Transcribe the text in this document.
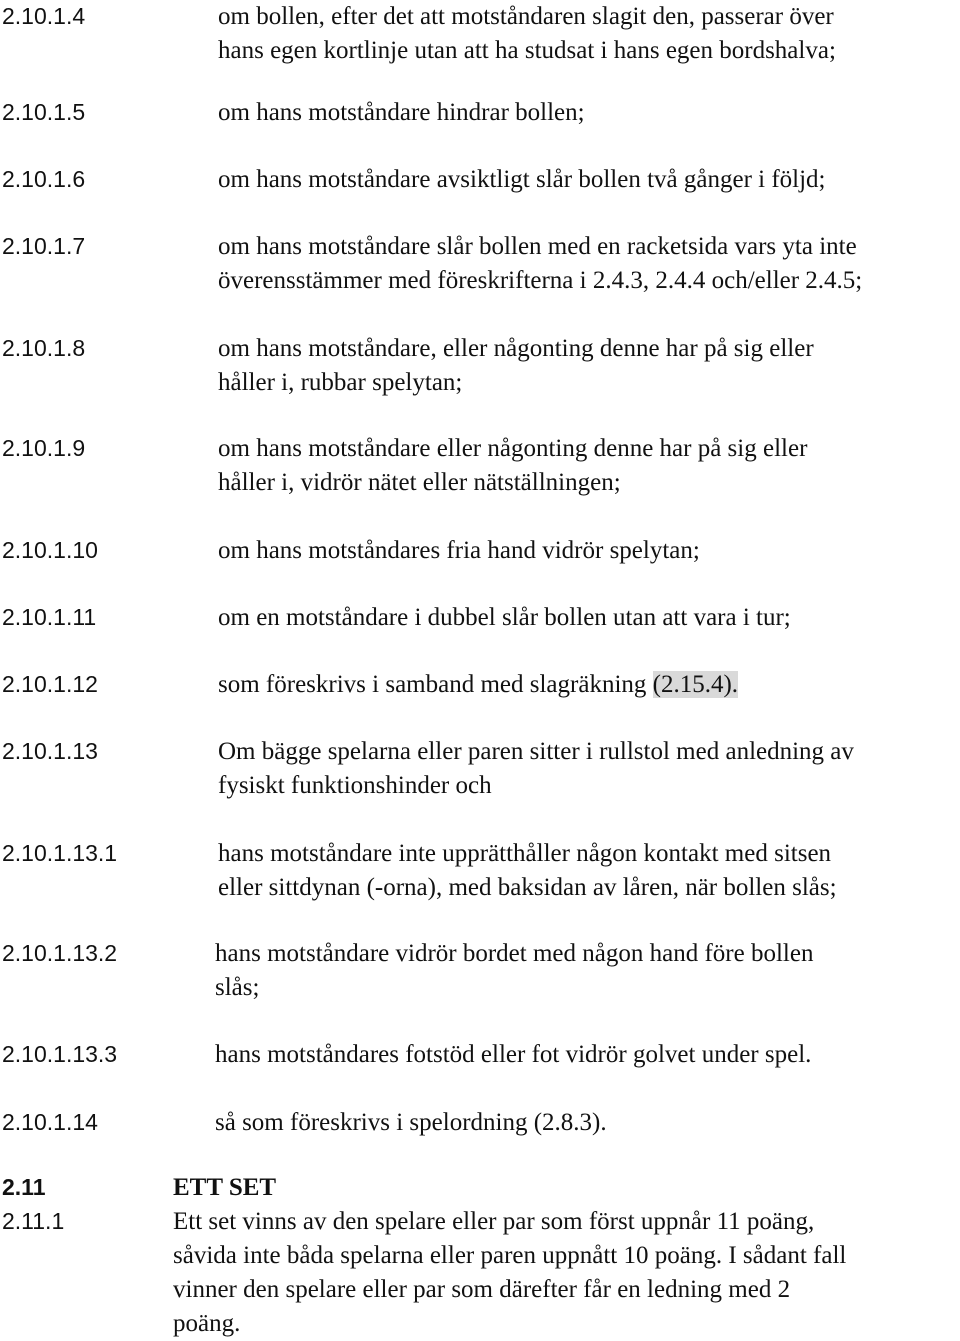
2.10.1.4	om bollen, efter det att motståndaren slagit den, passerar över
hans egen kortlinje utan att ha studsat i hans egen bordshalva;
2.10.1.5	om hans motståndare hindrar bollen;
2.10.1.6	om hans motståndare avsiktligt slår bollen två gånger i följd;
2.10.1.7	om hans motståndare slår bollen med en racketsida vars yta inte
överensstämmer med föreskrifterna i 2.4.3, 2.4.4 och/eller 2.4.5;
2.10.1.8	om hans motståndare, eller någonting denne har på sig eller
håller i, rubbar spelytan;
2.10.1.9	om hans motståndare eller någonting denne har på sig eller
håller i, vidrör nätet eller nätställningen;
2.10.1.10	om hans motståndares fria hand vidrör spelytan;
2.10.1.11	om en motståndare i dubbel slår bollen utan att vara i tur;
2.10.1.12	som föreskrivs i samband med slagräkning (2.15.4).
2.10.1.13	Om bägge spelarna eller paren sitter i rullstol med anledning av
fysiskt funktionshinder och
2.10.1.13.1	hans motståndare inte upprätthåller någon kontakt med sitsen
eller sittdynan (-orna), med baksidan av låren, när bollen slås;
2.10.1.13.2	hans motståndare vidrör bordet med någon hand före bollen
slås;
2.10.1.13.3	hans motståndares fotstöd eller fot vidrör golvet under spel.
2.10.1.14	så som föreskrivs i spelordning (2.8.3).
2.11	ETT SET
2.11.1	Ett set vinns av den spelare eller par som först uppnår 11 poäng,
såvida inte båda spelarna eller paren uppnått 10 poäng. I sådant fall
vinner den spelare eller par som därefter får en ledning med 2
poäng.
